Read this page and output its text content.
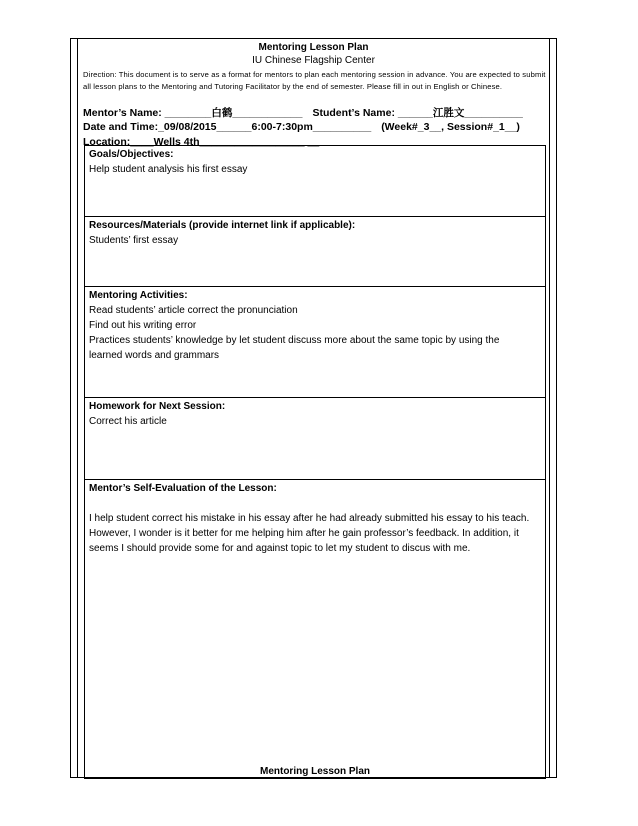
Mentoring Lesson Plan
IU Chinese Flagship Center
Direction: This document is to serve as a format for mentors to plan each mentoring session in advance. You are expected to submit all lesson plans to the Mentoring and Tutoring Facilitator by the end of semester. Please fill in out in English or Chinese.
Mentor’s Name: ________白鹤____________ Student’s Name: ______江胜文__________
Date and Time:_09/08/2015______6:00-7:30pm__________ (Week#_3__, Session#_1__)
Location:____Wells 4th__________________ __
Goals/Objectives:
Help student analysis his first essay
Resources/Materials (provide internet link if applicable):
Students’ first essay
Mentoring Activities:
Read students’ article correct the pronunciation
Find out his writing error
Practices students’ knowledge by let student discuss more about the same topic by using the
learned words and grammars
Homework for Next Session:
Correct his article
Mentor’s Self-Evaluation of the Lesson:
I help student correct his mistake in his essay after he had already submitted his essay to his teach. However, I wonder is it better for me helping him after he gain professor’s feedback. In addition, it seems I should provide some for and against topic to let my student to discus with me.
Mentoring Lesson Plan
